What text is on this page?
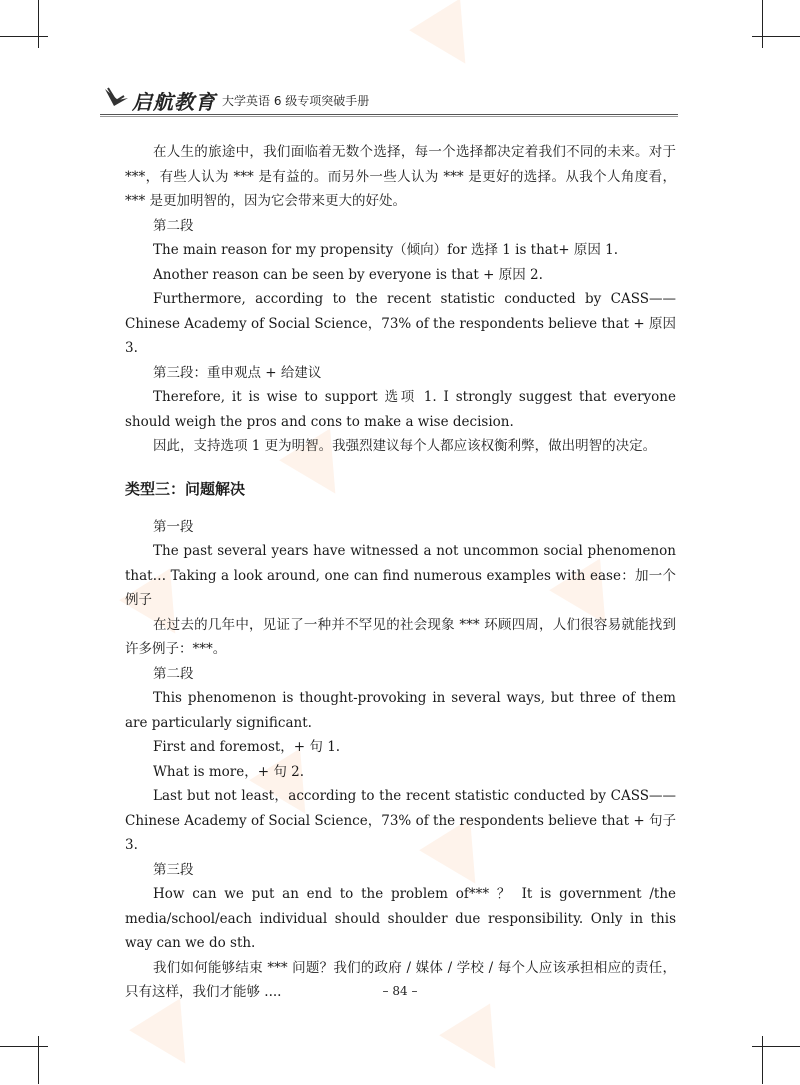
启航教育 大学英语 6 级专项突破手册

在人生的旅途中，我们面临着无数个选择，每一个选择都决定着我们不同的未来。对于 ***，有些人认为 *** 是有益的。而另外一些人认为 *** 是更好的选择。从我个人角度看，*** 是更加明智的，因为它会带来更大的好处。

第二段

The main reason for my propensity（倾向）for 选择 1 is that+ 原因 1.

Another reason can be seen by everyone is that + 原因 2.

Furthermore, according to the recent statistic conducted by CASS——Chinese Academy of Social Science，73% of the respondents believe that + 原因 3.

第三段：重申观点 + 给建议

Therefore, it is wise to support 选项 1. I strongly suggest that everyone should weigh the pros and cons to make a wise decision.

因此，支持选项 1 更为明智。我强烈建议每个人都应该权衡利弊，做出明智的决定。

类型三：问题解决

第一段

The past several years have witnessed a not uncommon social phenomenon that… Taking a look around, one can find numerous examples with ease：加一个例子

在过去的几年中，见证了一种并不罕见的社会现象 *** 环顾四周，人们很容易就能找到许多例子：***。

第二段

This phenomenon is thought-provoking in several ways, but three of them are particularly significant.

First and foremost，+ 句 1.

What is more，+ 句 2.

Last but not least，according to the recent statistic conducted by CASS——Chinese Academy of Social Science，73% of the respondents believe that + 句子 3.

第三段

How can we put an end to the problem of*** ？ It is government /the media/school/each individual should shoulder due responsibility. Only in this way can we do sth.

我们如何能够结束 *** 问题？我们的政府 / 媒体 / 学校 / 每个人应该承担相应的责任，只有这样，我们才能够 ....	– 84 –
